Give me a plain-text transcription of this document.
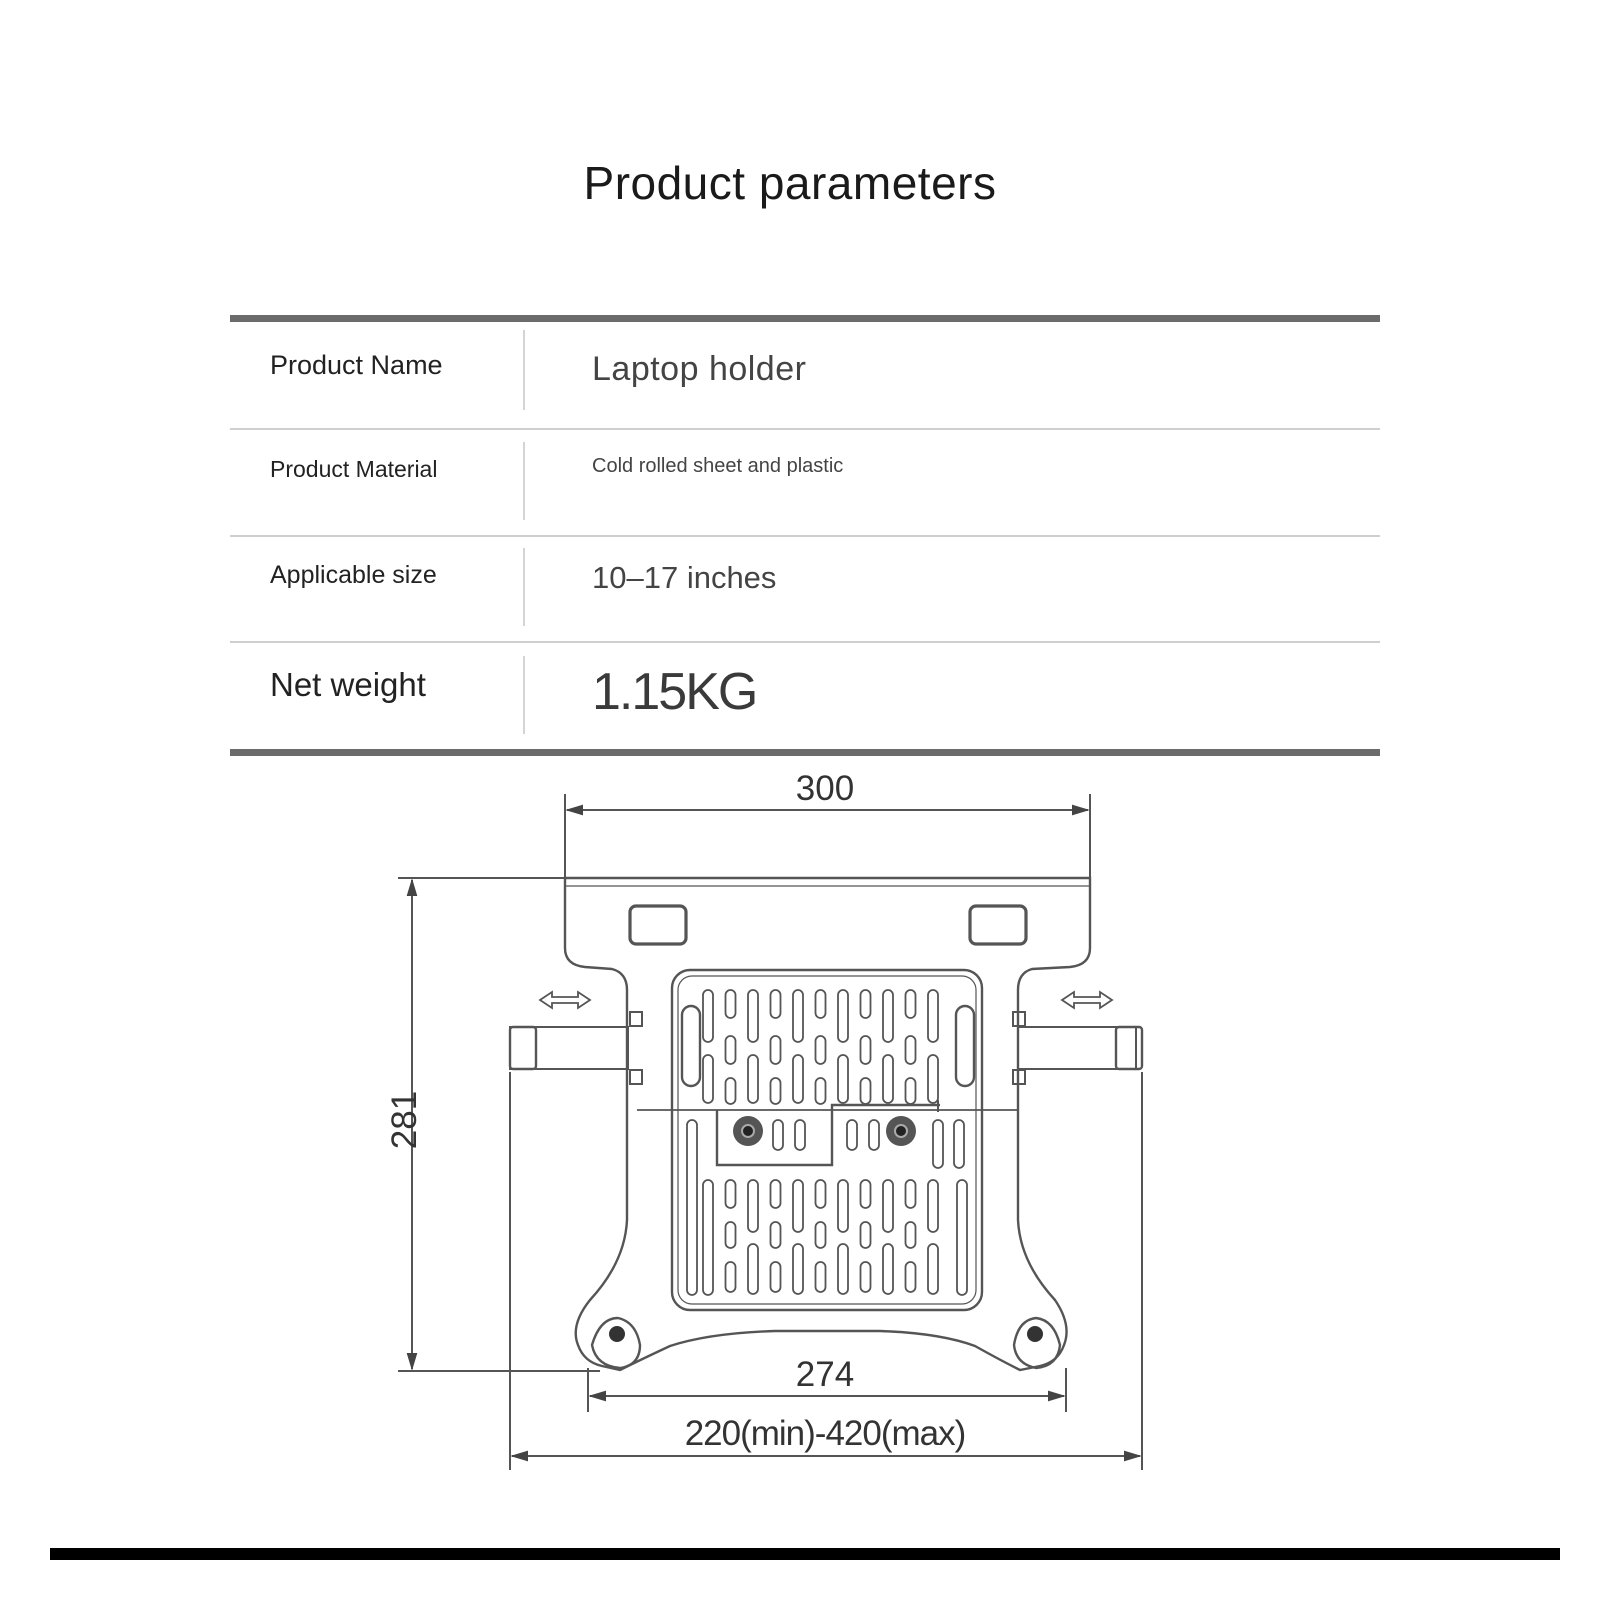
Product parameters
Product Name	Laptop holder
Product Material	Cold rolled sheet and plastic
Applicable size	10–17 inches
Net weight	1.15KG
300
281
274
220(min)-420(max)
